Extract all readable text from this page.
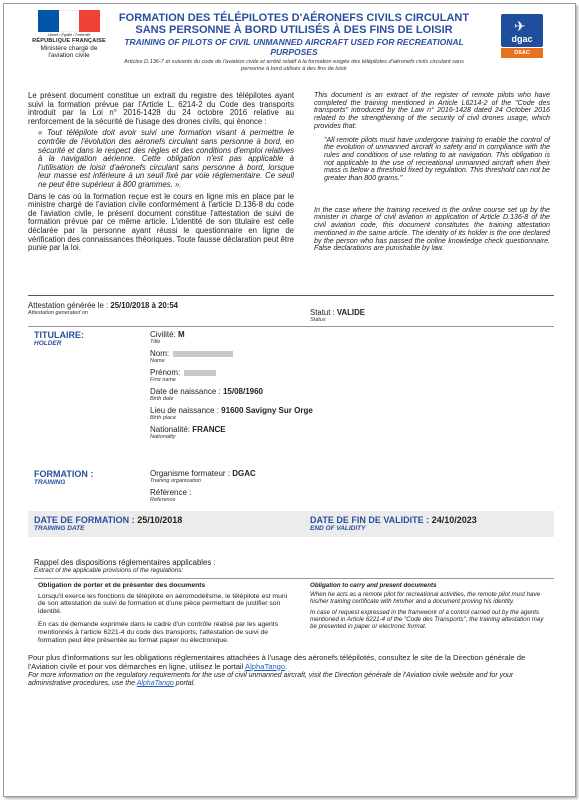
Liberté • Égalité • Fraternité
RÉPUBLIQUE FRANÇAISE
Ministère chargé de l'aviation civile
FORMATION DES TÉLÉPILOTES D'AÉRONEFS CIVILS CIRCULANT SANS PERSONNE À BORD UTILISÉS À DES FINS DE LOISIR
TRAINING OF PILOTS OF CIVIL UNMANNED AIRCRAFT USED FOR RECREATIONAL PURPOSES
Articles D.136-7 et suivants du code de l'aviation civile et arrêté relatif à la formation exigée des télépilotes d'aéronefs civils circulant sans personne à bord utilisés à des fins de loisir
✈
dgac
DSAC
Le présent document constitue un extrait du registre des télépilotes ayant suivi la formation prévue par l'Article L. 6214-2 du Code des transports introduit par la Loi n° 2016-1428 du 24 octobre 2016 relative au renforcement de la sécurité de l'usage des drones civils, qui énonce :
« Tout télépilote doit avoir suivi une formation visant à permettre le contrôle de l'évolution des aéronefs circulant sans personne à bord, en sécurité et dans le respect des règles et des conditions d'emploi relatives à la navigation aérienne. Cette obligation n'est pas applicable à l'utilisation de loisir d'aéronefs circulant sans personne à bord, lorsque leur masse est inférieure à un seuil fixé par voie réglementaire. Ce seuil ne peut être supérieur à 800 grammes. ».
Dans le cas où la formation reçue est le cours en ligne mis en place par le ministre chargé de l'aviation civile conformément à l'article D.136-8 du code de l'aviation civile, le présent document constitue l'attestation de suivi de formation prévue par ce même article. L'identité de son titulaire est celle déclarée par la personne ayant réussi le questionnaire en ligne de vérification des connaissances théoriques. Toute fausse déclaration peut être punie par la loi.
This document is an extract of the register of remote pilots who have completed the training mentioned in Article L6214-2 of the "Code des transports" introduced by the Law n° 2016-1428 dated 24 October 2016 related to the strengthening of the security of civil drones usage, which provides that:
"All remote pilots must have undergone training to enable the control of the evolution of unmanned aircraft in safety and in compliance with the rules and conditions of use relating to air navigation. This obligation is not applicable to the use of recreational unmanned aircraft when their mass is below a threshold fixed by regulation. This threshold can not be greater than 800 grams."
In the case where the training received is the online course set up by the minister in charge of civil aviation in application of Article D.136-8 of the civil aviation code, this document constitutes the training attestation mentioned in the same article. The identity of its holder is the one declared by the person who has passed the online knowledge check questionnaire. False declarations are punishable by law.
Attestation générée le : 25/10/2018 à 20:54
Attestation generated on	Statut : VALIDE
Status
TITULAIRE:
HOLDER
Civilité: M
Title
Nom:
Name
Prénom:
First name
Date de naissance : 15/08/1960
Birth date
Lieu de naissance : 91600 Savigny Sur Orge
Birth place
Nationalité: FRANCE
Nationality
FORMATION :
TRAINING
Organisme formateur : DGAC
Training organisation
Référence :
Reference
DATE DE FORMATION : 25/10/2018
TRAINING DATE
DATE DE FIN DE VALIDITE : 24/10/2023
END OF VALIDITY
Rappel des dispositions réglementaires applicables :
Extract of the applicable provisions of the regulations:
Obligation de porter et de présenter des documents
Lorsqu'il exerce les fonctions de télépilote en aéromodélisme, le télépilote est muni de son attestation de suivi de formation et d'une pièce permettant de justifier son identité.
En cas de demande exprimée dans le cadre d'un contrôle réalisé par les agents mentionnés à l'article 6221-4 du code des transports, l'attestation de suivi de formation peut être présentée au format papier ou électronique.
Obligation to carry and present documents
When he acts as a remote pilot for recreational activities, the remote pilot must have his/her training certificate with him/her and a document proving his identity.
In case of request expressed in the framework of a control carried out by the agents mentioned in Article 6221-4 of the "Code des Transports", the training attestation may be presented in paper or electronic format.
Pour plus d'informations sur les obligations réglementaires attachées à l'usage des aéronefs télépilotés, consultez le site de la Direction générale de l'Aviation civile et pour vos démarches en ligne, utilisez le portail AlphaTango.
For more information on the regulatory requirements for the use of civil unmanned aircraft, visit the Direction générale de l'Aviation civile website and for your administrative procedures, use the AlphaTango portal.
